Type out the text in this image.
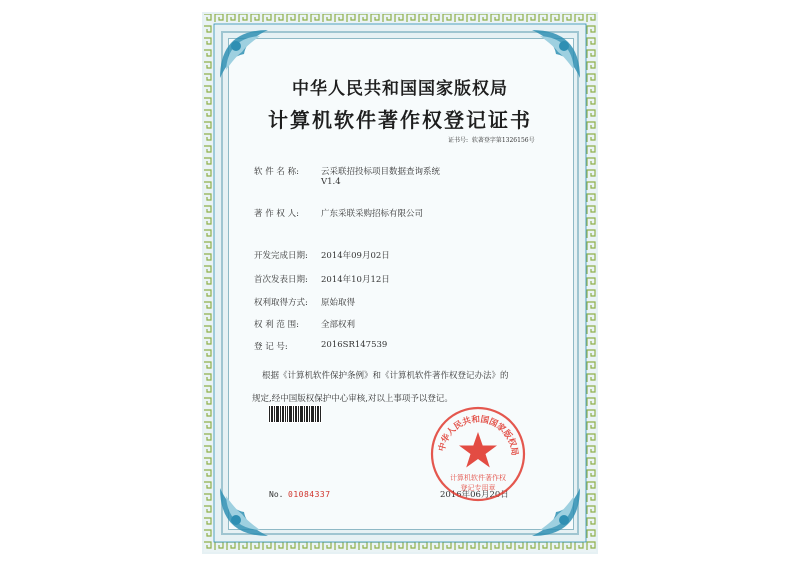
中华人民共和国国家版权局
计算机软件著作权登记证书
证书号: 软著登字第1326156号
软 件 名 称:	云采联招投标项目数据查询系统
V1.4
著 作 权 人:	广东采联采购招标有限公司
开发完成日期: 2014年09月02日
首次发表日期: 2014年10月12日
权利取得方式: 原始取得
权 利 范 围:	全部权利
登 记 号:	2016SR147539
根据《计算机软件保护条例》和《计算机软件著作权登记办法》的
规定,经中国版权保护中心审核,对以上事项予以登记。
No. 01084337	2016年06月20日
中华人民共和国国家版权局
计算机软件著作权
登记专用章
